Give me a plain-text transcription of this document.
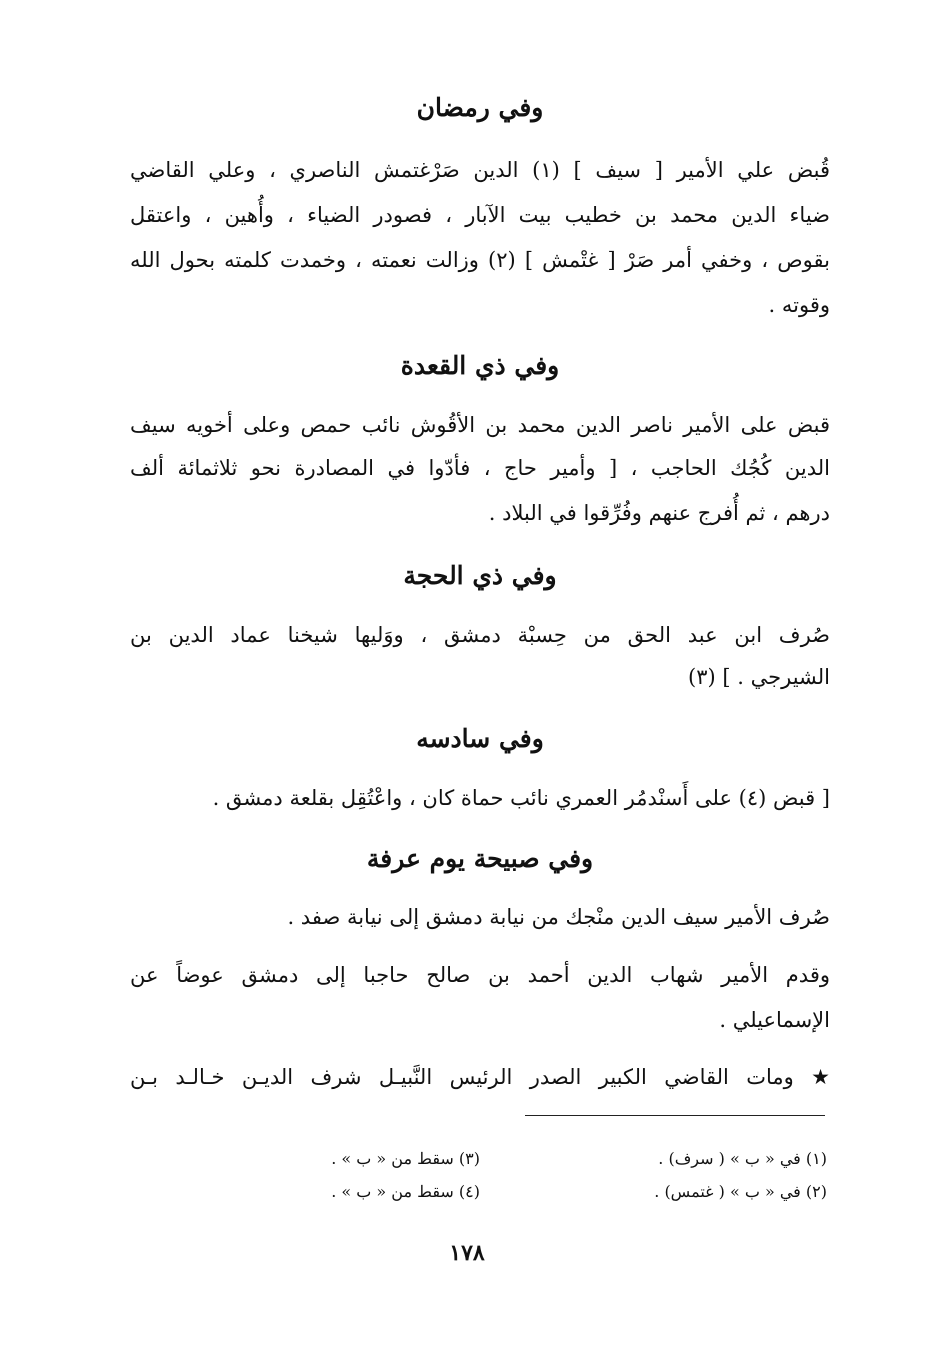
وفي رمضان
قُبض علي الأمير [ سيف ] (١) الدين صَرْغتمش الناصري ، وعلي القاضي
ضياء الدين محمد بن خطيب بيت الآبار ، فصودر الضياء ، وأُهين ، واعتقل
بقوص ، وخفي أمر صَرْ [ غتْمش ] (٢) وزالت نعمته ، وخمدت كلمته بحول الله
وقوته .
وفي ذي القعدة
قبض على الأمير ناصر الدين محمد بن الأقُوش نائب حمص وعلى أخويه سيف
الدين كُجُك الحاجب ، [ وأمير حاج ، فأدّوا في المصادرة نحو ثلاثمائة ألف
درهم ، ثم أُفرج عنهم وفُرِّقوا في البلاد .
وفي ذي الحجة
صُرف ابن عبد الحق من حِسبْة دمشق ، ووَليها شيخنا عماد الدين بن
الشيرجي . ] (٣)
وفي سادسه
[ قبض (٤) على أَسنْدمُر العمري نائب حماة كان ، واعْتُقِل بقلعة دمشق .
وفي صبيحة يوم عرفة
صُرف الأمير سيف الدين منْجك من نيابة دمشق إلى نيابة صفد .
وقدم الأمير شهاب الدين أحمد بن صالح حاجبا إلى دمشق عوضاً عن
الإسماعيلي .
★ ومات القاضي الكبير الصدر الرئيس النَّبيـل شرف الديـن خـالـد بـن
(١) في « ب » ( سرف) .
(٢) في « ب » ( غتمس) .
(٣) سقط من « ب » .
(٤) سقط من « ب » .
١٧٨
